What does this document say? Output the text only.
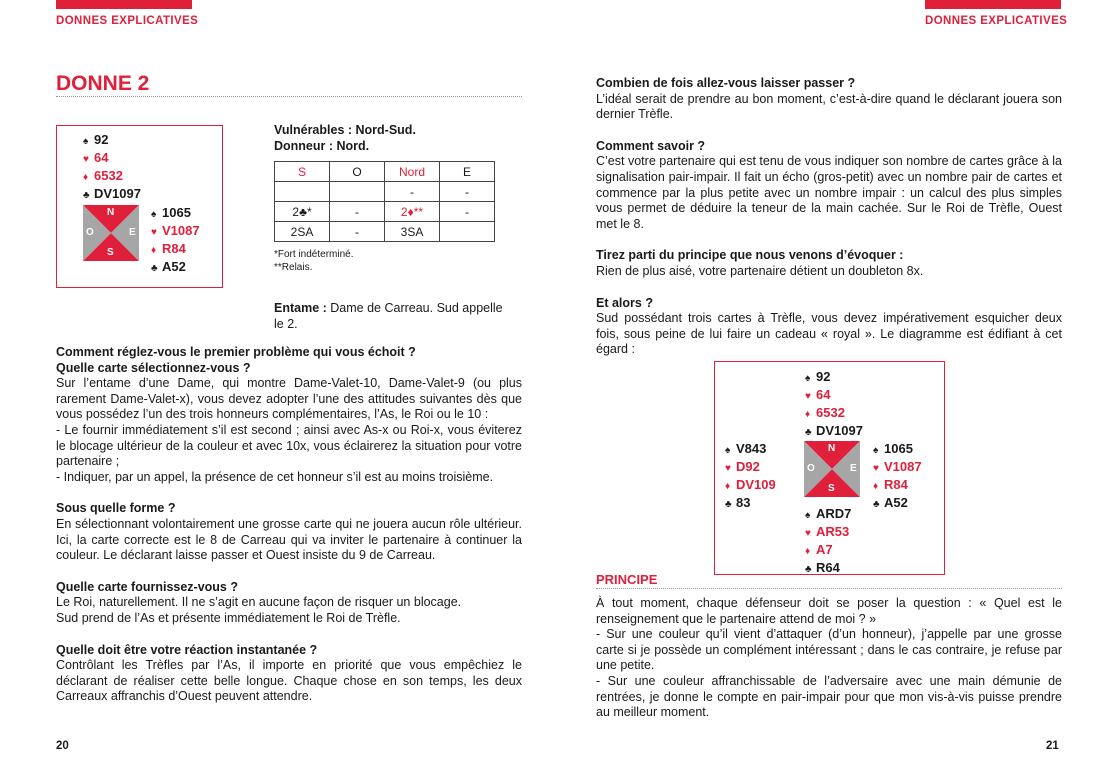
DONNES EXPLICATIVES
DONNE 2
♠ 92
♥ 64
♦ 6532
♣ DV1097
N
O	E
S
♠ 1065
♥ V1087
♦ R84
♣ A52
Vulnérables : Nord-Sud.
Donneur : Nord.
S	O	Nord	E
		-	-
2♣*	-	2♦**	-
2SA	-	3SA	
*Fort indéterminé.
**Relais.
Entame : Dame de Carreau. Sud appelle le 2.

Comment réglez-vous le premier problème qui vous échoit ?

Quelle carte sélectionnez-vous ?

Sur l’entame d’une Dame, qui montre Dame-Valet-10, Dame-Valet-9 (ou plus rarement Dame-Valet-x), vous devez adopter l’une des attitudes suivantes dès que vous possédez l’un des trois honneurs complémentaires, l’As, le Roi ou le 10 :

- Le fournir immédiatement s’il est second ; ainsi avec As-x ou Roi-x, vous éviterez le blocage ultérieur de la couleur et avec 10x, vous éclairerez la situation pour votre partenaire ;

- Indiquer, par un appel, la présence de cet honneur s’il est au moins troisième.

Sous quelle forme ?

En sélectionnant volontairement une grosse carte qui ne jouera aucun rôle ultérieur. Ici, la carte correcte est le 8 de Carreau qui va inviter le partenaire à continuer la couleur. Le déclarant laisse passer et Ouest insiste du 9 de Carreau.

Quelle carte fournissez-vous ?

Le Roi, naturellement. Il ne s’agit en aucune façon de risquer un blocage.

Sud prend de l’As et présente immédiatement le Roi de Trèfle.

Quelle doit être votre réaction instantanée ?

Contrôlant les Trèfles par l’As, il importe en priorité que vous empêchiez le déclarant de réaliser cette belle longue. Chaque chose en son temps, les deux Carreaux affranchis d’Ouest peuvent attendre.

20
DONNES EXPLICATIVES

Combien de fois allez-vous laisser passer ?

L’idéal serait de prendre au bon moment, c’est-à-dire quand le déclarant jouera son dernier Trèfle.

Comment savoir ?

C’est votre partenaire qui est tenu de vous indiquer son nombre de cartes grâce à la signalisation pair-impair. Il fait un écho (gros-petit) avec un nombre pair de cartes et commence par la plus petite avec un nombre impair : un calcul des plus simples vous permet de déduire la teneur de la main cachée. Sur le Roi de Trèfle, Ouest met le 8.

Tirez parti du principe que nous venons d’évoquer :

Rien de plus aisé, votre partenaire détient un doubleton 8x.

Et alors ?

Sud possédant trois cartes à Trèfle, vous devez impérativement esquicher deux fois, sous peine de lui faire un cadeau « royal ». Le diagramme est édifiant à cet égard :

♠ 92
♥ 64
♦ 6532
♣ DV1097
♠ V843
♥ D92
♦ DV109
♣ 83
N
O	E
S
♠ 1065
♥ V1087
♦ R84
♣ A52
♠ ARD7
♥ AR53
♦ A7
♣ R64
PRINCIPE

À tout moment, chaque défenseur doit se poser la question : « Quel est le renseignement que le partenaire attend de moi ? »

- Sur une couleur qu’il vient d’attaquer (d’un honneur), j’appelle par une grosse carte si je possède un complément intéressant ; dans le cas contraire, je refuse par une petite.

- Sur une couleur affranchissable de l’adversaire avec une main démunie de rentrées, je donne le compte en pair-impair pour que mon vis-à-vis puisse prendre au meilleur moment.

21
